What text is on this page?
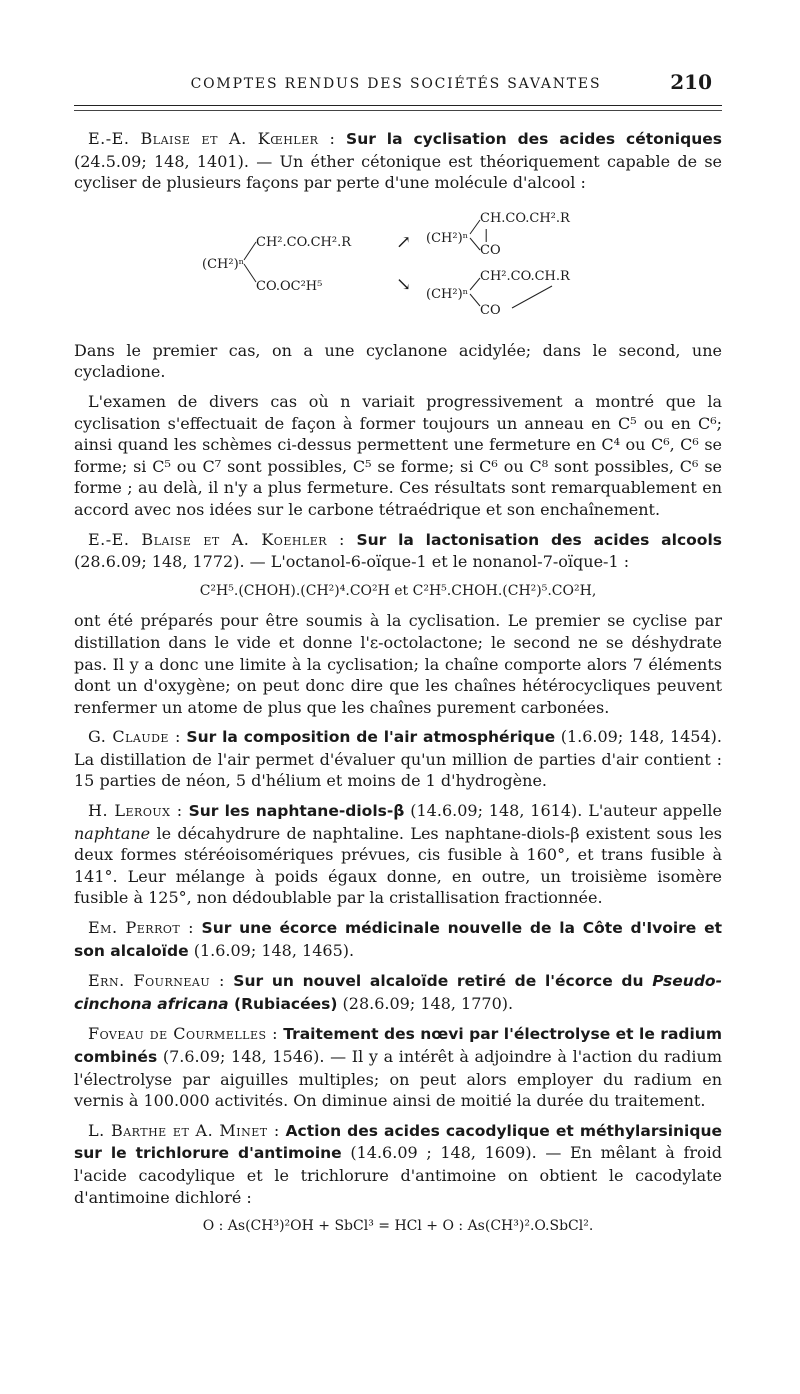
COMPTES RENDUS DES SOCIÉTÉS SAVANTES	210

E.-E. Blaise et A. Kœhler : Sur la cyclisation des acides cétoniques (24.5.09; 148, 1401). — Un éther cétonique est théoriquement capable de se cycliser de plusieurs façons par perte d'une molécule d'alcool :

(CH²)ⁿ
CH².CO.CH².R
CO.OC²H⁵
↗
↘
(CH²)ⁿ
CH.CO.CH².R
|
CO
(CH²)ⁿ
CH².CO.CH.R
CO

Dans le premier cas, on a une cyclanone acidylée; dans le second, une cycladione.

L'examen de divers cas où n variait progressivement a montré que la cyclisation s'effectuait de façon à former toujours un anneau en C⁵ ou en C⁶; ainsi quand les schèmes ci-dessus permettent une fermeture en C⁴ ou C⁶, C⁶ se forme; si C⁵ ou C⁷ sont possibles, C⁵ se forme; si C⁶ ou C⁸ sont possibles, C⁶ se forme ; au delà, il n'y a plus fermeture. Ces résultats sont remarquablement en accord avec nos idées sur le carbone tétraédrique et son enchaînement.

E.-E. Blaise et A. Koehler : Sur la lactonisation des acides alcools (28.6.09; 148, 1772). — L'octanol-6-oïque-1 et le nonanol-7-oïque-1 :

C²H⁵.(CHOH).(CH²)⁴.CO²H et C²H⁵.CHOH.(CH²)⁵.CO²H,

ont été préparés pour être soumis à la cyclisation. Le premier se cyclise par distillation dans le vide et donne l'ε-octolactone; le second ne se déshydrate pas. Il y a donc une limite à la cyclisation; la chaîne comporte alors 7 éléments dont un d'oxygène; on peut donc dire que les chaînes hétérocycliques peuvent renfermer un atome de plus que les chaînes purement carbonées.

G. Claude : Sur la composition de l'air atmosphérique (1.6.09; 148, 1454). La distillation de l'air permet d'évaluer qu'un million de parties d'air contient : 15 parties de néon, 5 d'hélium et moins de 1 d'hydrogène.

H. Leroux : Sur les naphtane-diols-β (14.6.09; 148, 1614). L'auteur appelle naphtane le décahydrure de naphtaline. Les naphtane-diols-β existent sous les deux formes stéréoisomériques prévues, cis fusible à 160°, et trans fusible à 141°. Leur mélange à poids égaux donne, en outre, un troisième isomère fusible à 125°, non dédoublable par la cristallisation fractionnée.

Em. Perrot : Sur une écorce médicinale nouvelle de la Côte d'Ivoire et son alcaloïde (1.6.09; 148, 1465).

Ern. Fourneau : Sur un nouvel alcaloïde retiré de l'écorce du Pseudo-cinchona africana (Rubiacées) (28.6.09; 148, 1770).

Foveau de Courmelles : Traitement des nœvi par l'électrolyse et le radium combinés (7.6.09; 148, 1546). — Il y a intérêt à adjoindre à l'action du radium l'électrolyse par aiguilles multiples; on peut alors employer du radium en vernis à 100.000 activités. On diminue ainsi de moitié la durée du traitement.

L. Barthe et A. Minet : Action des acides cacodylique et méthylarsinique sur le trichlorure d'antimoine (14.6.09 ; 148, 1609). — En mêlant à froid l'acide cacodylique et le trichlorure d'antimoine on obtient le cacodylate d'antimoine dichloré :

O : As(CH³)²OH + SbCl³ = HCl + O : As(CH³)².O.SbCl².
